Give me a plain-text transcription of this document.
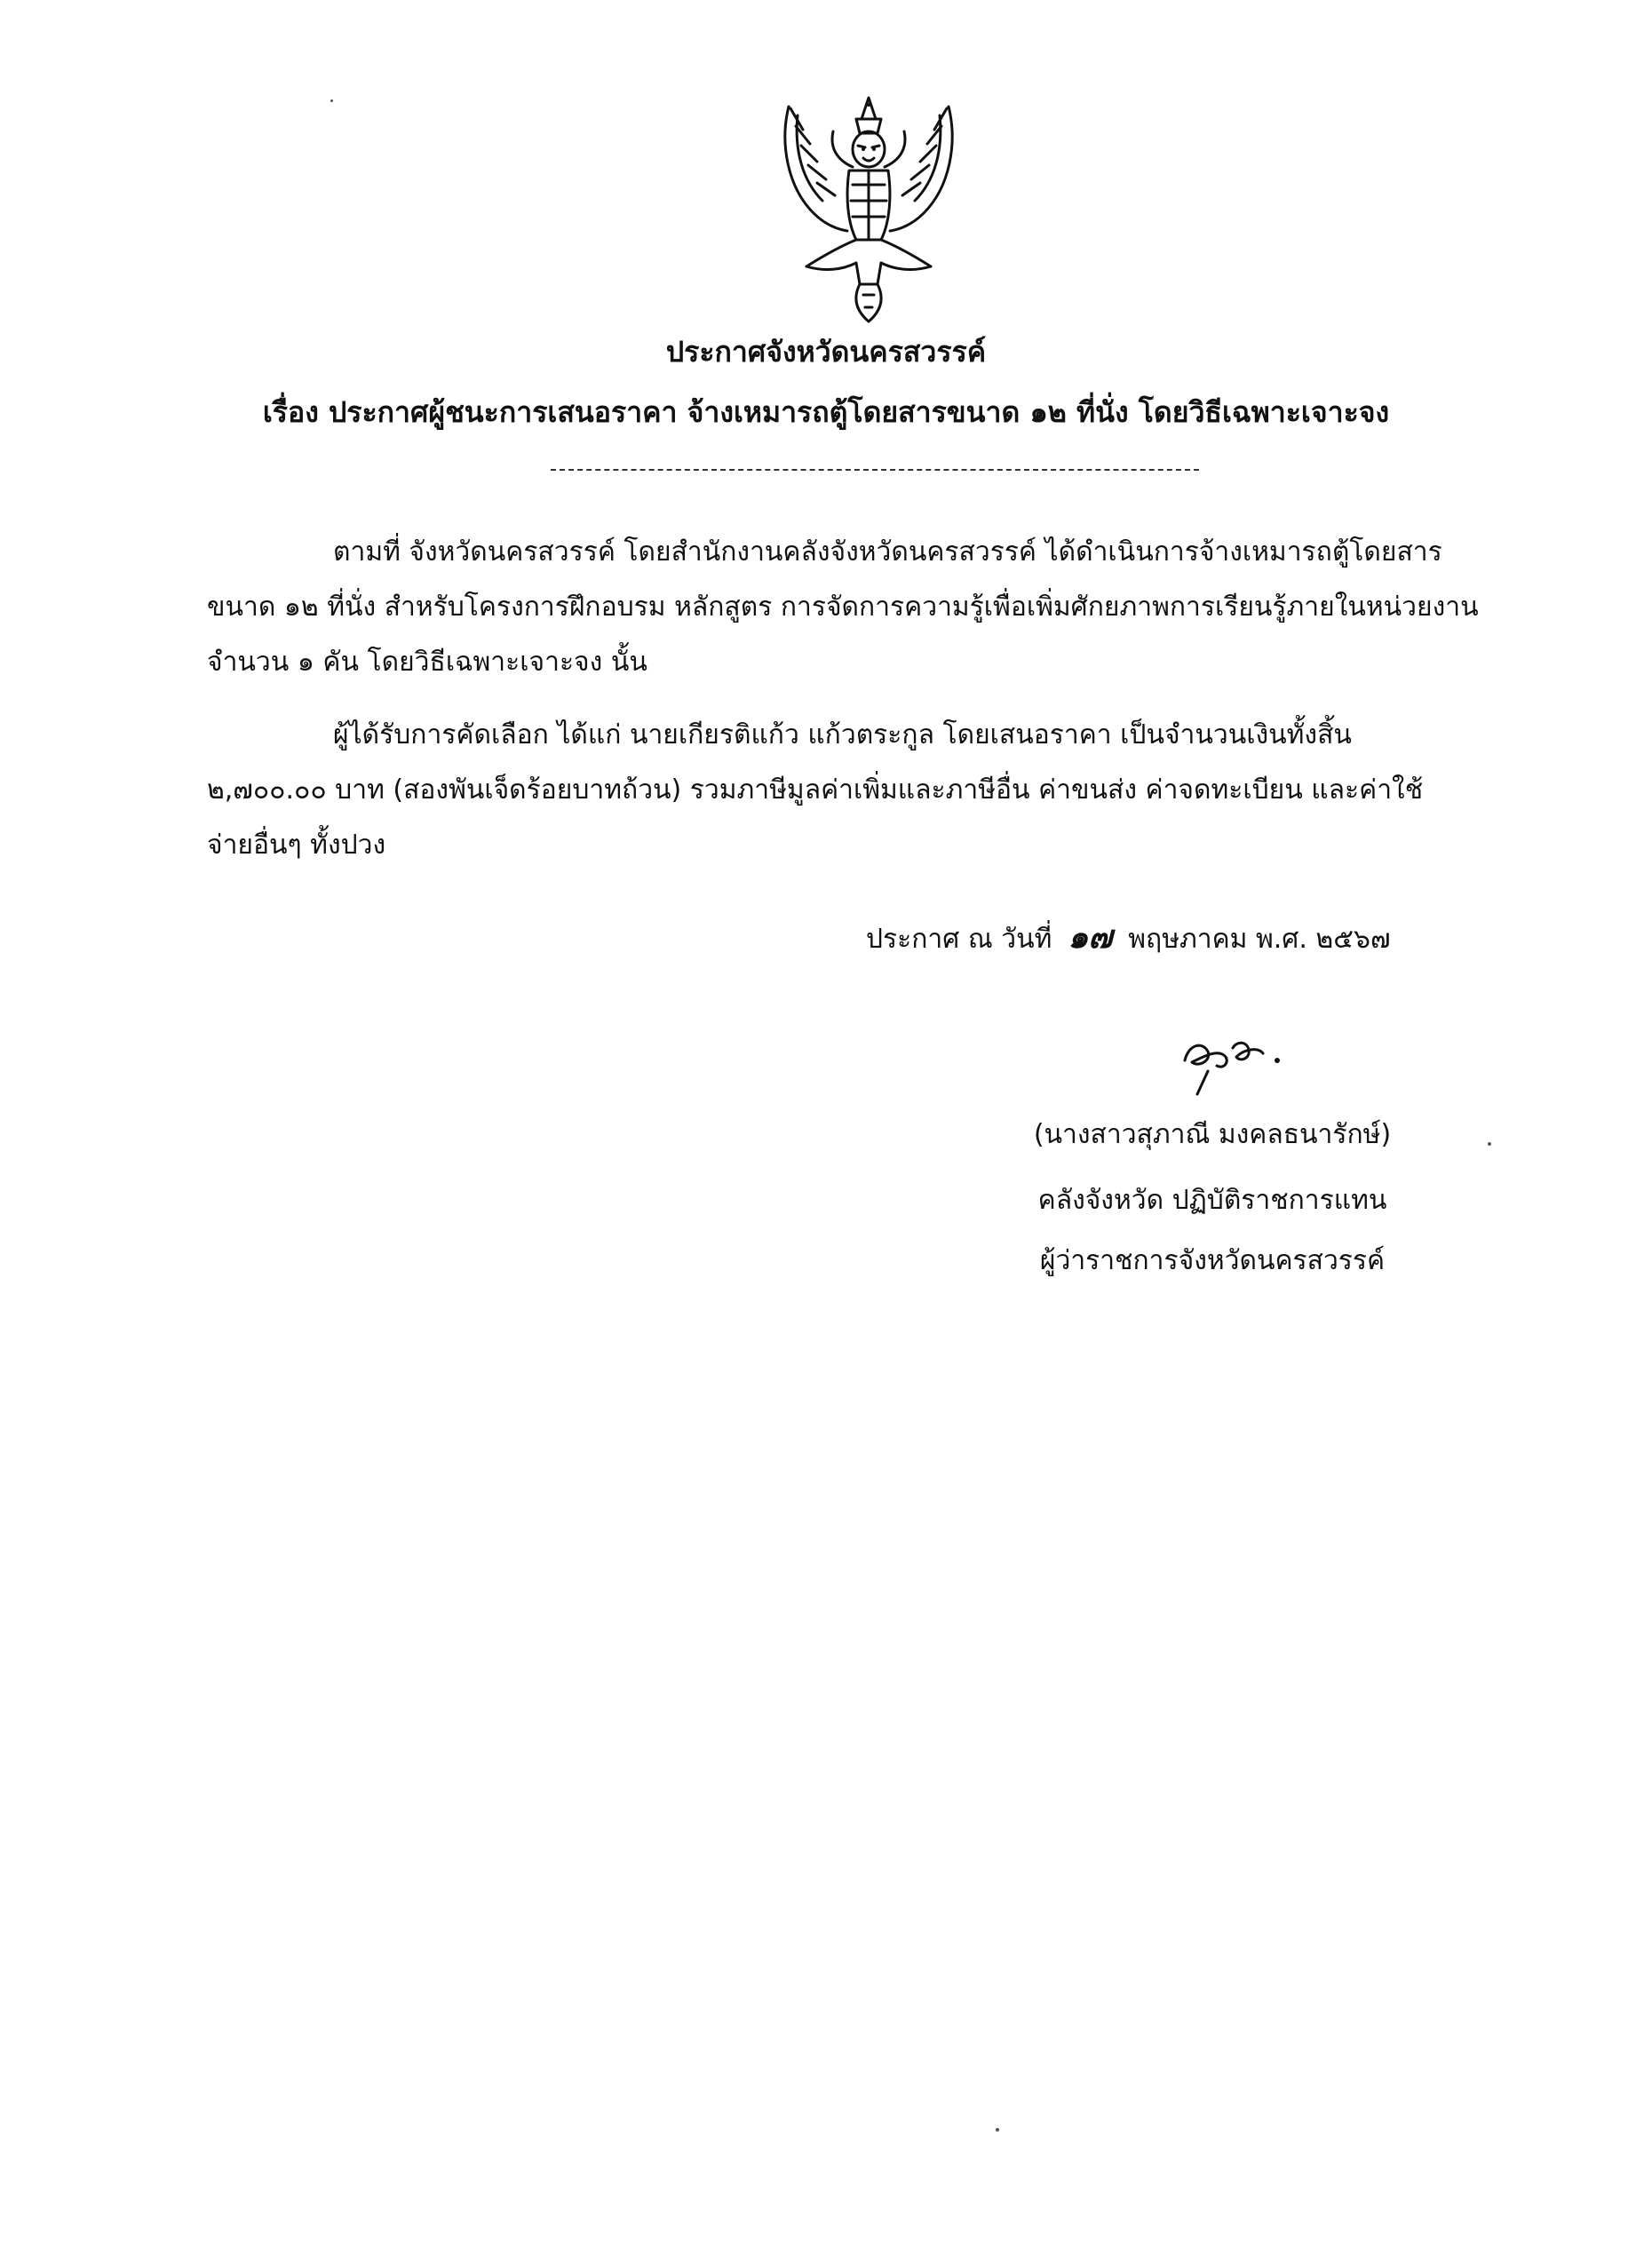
ประกาศจังหวัดนครสวรรค์
เรื่อง ประกาศผู้ชนะการเสนอราคา จ้างเหมารถตู้โดยสารขนาด ๑๒ ที่นั่ง โดยวิธีเฉพาะเจาะจง
ตามที่ จังหวัดนครสวรรค์ โดยสำนักงานคลังจังหวัดนครสวรรค์ ได้ดำเนินการจ้างเหมารถตู้โดยสาร
ขนาด ๑๒ ที่นั่ง สำหรับโครงการฝึกอบรม หลักสูตร การจัดการความรู้เพื่อเพิ่มศักยภาพการเรียนรู้ภายในหน่วยงาน
จำนวน ๑ คัน โดยวิธีเฉพาะเจาะจง นั้น
ผู้ได้รับการคัดเลือก ได้แก่ นายเกียรติแก้ว แก้วตระกูล โดยเสนอราคา เป็นจำนวนเงินทั้งสิ้น
๒,๗๐๐.๐๐ บาท (สองพันเจ็ดร้อยบาทถ้วน) รวมภาษีมูลค่าเพิ่มและภาษีอื่น ค่าขนส่ง ค่าจดทะเบียน และค่าใช้
จ่ายอื่นๆ ทั้งปวง
ประกาศ ณ วันที่ ๑๗ พฤษภาคม พ.ศ. ๒๕๖๗
(นางสาวสุภาณี มงคลธนารักษ์)
คลังจังหวัด ปฏิบัติราชการแทน
ผู้ว่าราชการจังหวัดนครสวรรค์
